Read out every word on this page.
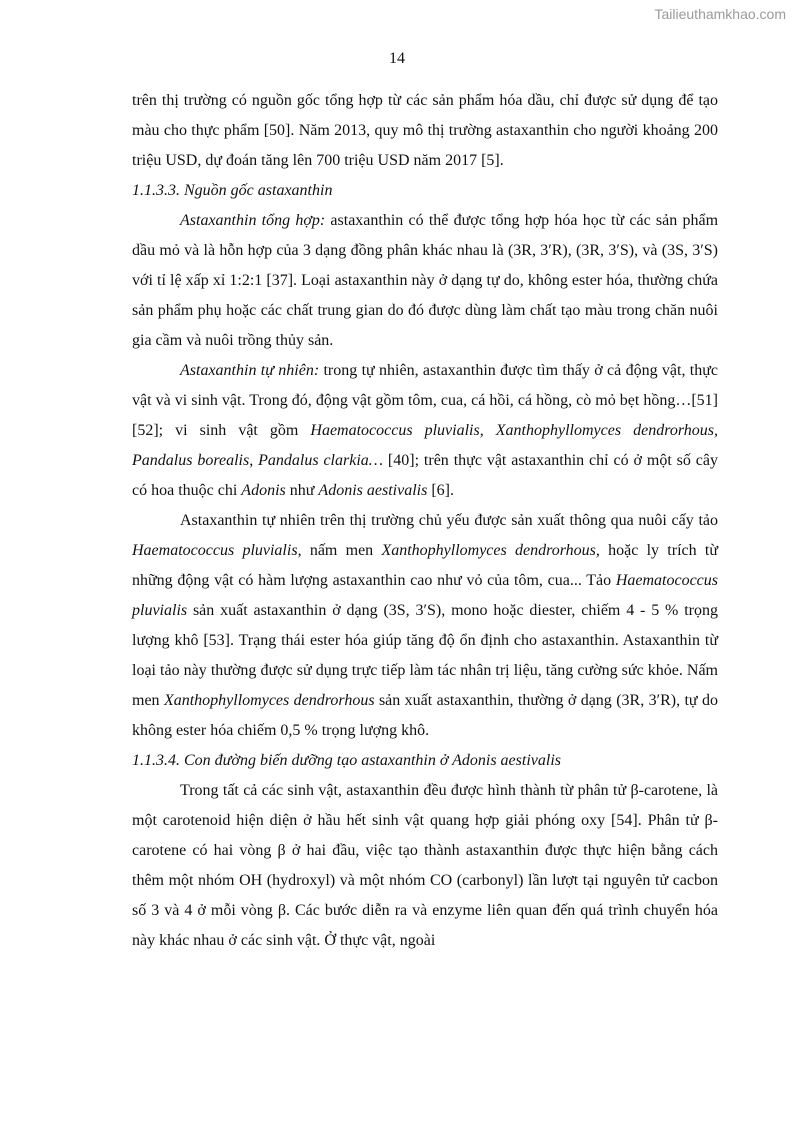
Tailieuthamkhao.com
14

trên thị trường có nguồn gốc tổng hợp từ các sản phẩm hóa dầu, chỉ được sử dụng để tạo màu cho thực phẩm [50]. Năm 2013, quy mô thị trường astaxanthin cho người khoảng 200 triệu USD, dự đoán tăng lên 700 triệu USD năm 2017 [5].

1.1.3.3. Nguồn gốc astaxanthin

Astaxanthin tổng hợp: astaxanthin có thể được tổng hợp hóa học từ các sản phẩm dầu mỏ và là hỗn hợp của 3 dạng đồng phân khác nhau là (3R, 3′R), (3R, 3′S), và (3S, 3′S) với tỉ lệ xấp xỉ 1:2:1 [37]. Loại astaxanthin này ở dạng tự do, không ester hóa, thường chứa sản phẩm phụ hoặc các chất trung gian do đó được dùng làm chất tạo màu trong chăn nuôi gia cầm và nuôi trồng thủy sản.

Astaxanthin tự nhiên: trong tự nhiên, astaxanthin được tìm thấy ở cả động vật, thực vật và vi sinh vật. Trong đó, động vật gồm tôm, cua, cá hồi, cá hồng, cò mỏ bẹt hồng…[51][52]; vi sinh vật gồm Haematococcus pluvialis, Xanthophyllomyces dendrorhous, Pandalus borealis, Pandalus clarkia… [40]; trên thực vật astaxanthin chỉ có ở một số cây có hoa thuộc chi Adonis như Adonis aestivalis [6].

Astaxanthin tự nhiên trên thị trường chủ yếu được sản xuất thông qua nuôi cấy tảo Haematococcus pluvialis, nấm men Xanthophyllomyces dendrorhous, hoặc ly trích từ những động vật có hàm lượng astaxanthin cao như vỏ của tôm, cua... Tảo Haematococcus pluvialis sản xuất astaxanthin ở dạng (3S, 3′S), mono hoặc diester, chiếm 4 - 5 % trọng lượng khô [53]. Trạng thái ester hóa giúp tăng độ ổn định cho astaxanthin. Astaxanthin từ loại tảo này thường được sử dụng trực tiếp làm tác nhân trị liệu, tăng cường sức khỏe. Nấm men Xanthophyllomyces dendrorhous sản xuất astaxanthin, thường ở dạng (3R, 3′R), tự do không ester hóa chiếm 0,5 % trọng lượng khô.

1.1.3.4. Con đường biến dưỡng tạo astaxanthin ở Adonis aestivalis

Trong tất cả các sinh vật, astaxanthin đều được hình thành từ phân tử β-carotene, là một carotenoid hiện diện ở hầu hết sinh vật quang hợp giải phóng oxy [54]. Phân tử β-carotene có hai vòng β ở hai đầu, việc tạo thành astaxanthin được thực hiện bằng cách thêm một nhóm OH (hydroxyl) và một nhóm CO (carbonyl) lần lượt tại nguyên tử cacbon số 3 và 4 ở mỗi vòng β. Các bước diễn ra và enzyme liên quan đến quá trình chuyển hóa này khác nhau ở các sinh vật. Ở thực vật, ngoài
